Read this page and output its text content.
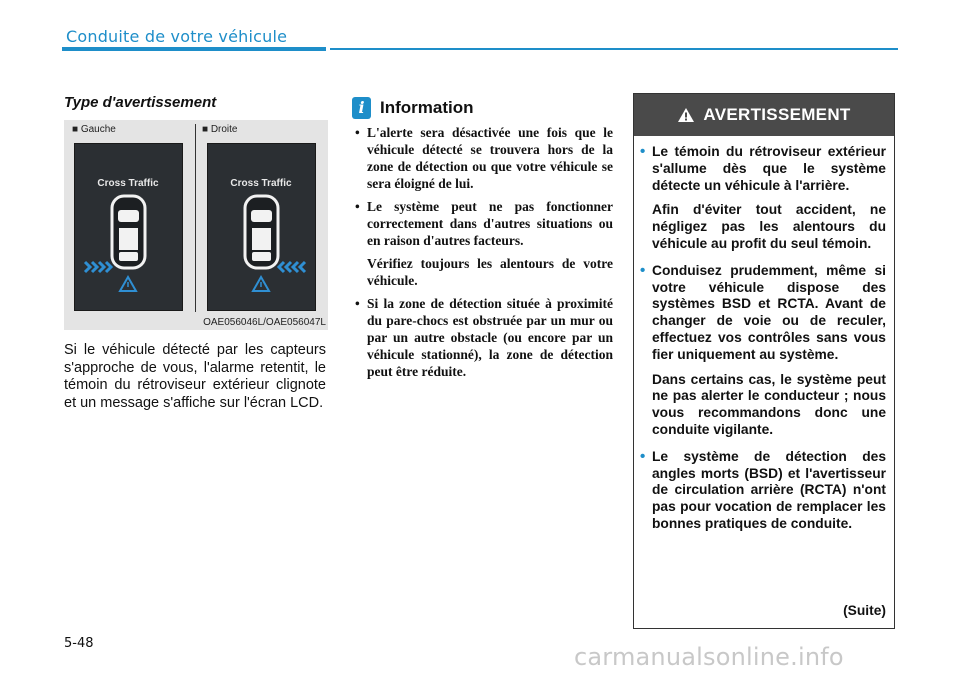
Conduite de votre véhicule
Type d'avertissement
■ Gauche	■ Droite
Cross Traffic	Cross Traffic
OAE056046L/OAE056047L
Si le véhicule détecté par les capteurs s'approche de vous, l'alarme retentit, le témoin du rétroviseur extérieur clignote et un message s'affiche sur l'écran LCD.
i Information
• L'alerte sera désactivée une fois que le véhicule détecté se trouvera hors de la zone de détection ou que votre véhicule se sera éloigné de lui.
• Le système peut ne pas fonctionner correctement dans d'autres situations ou en raison d'autres facteurs.

Vérifiez toujours les alentours de votre véhicule.

• Si la zone de détection située à proximité du pare-chocs est obstruée par un mur ou par un autre obstacle (ou encore par un véhicule stationné), la zone de détection peut être réduite.
AVERTISSEMENT
• Le témoin du rétroviseur extérieur s'allume dès que le système détecte un véhicule à l'arrière.

Afin d'éviter tout accident, ne négligez pas les alentours du véhicule au profit du seul témoin.

• Conduisez prudemment, même si votre véhicule dispose des systèmes BSD et RCTA. Avant de changer de voie ou de reculer, effectuez vos contrôles sans vous fier uniquement au système.

Dans certains cas, le système peut ne pas alerter le conducteur ; nous vous recommandons donc une conduite vigilante.

• Le système de détection des angles morts (BSD) et l'avertisseur de circulation arrière (RCTA) n'ont pas pour vocation de remplacer les bonnes pratiques de conduite.
(Suite)
5-48	carmanualsonline.info
